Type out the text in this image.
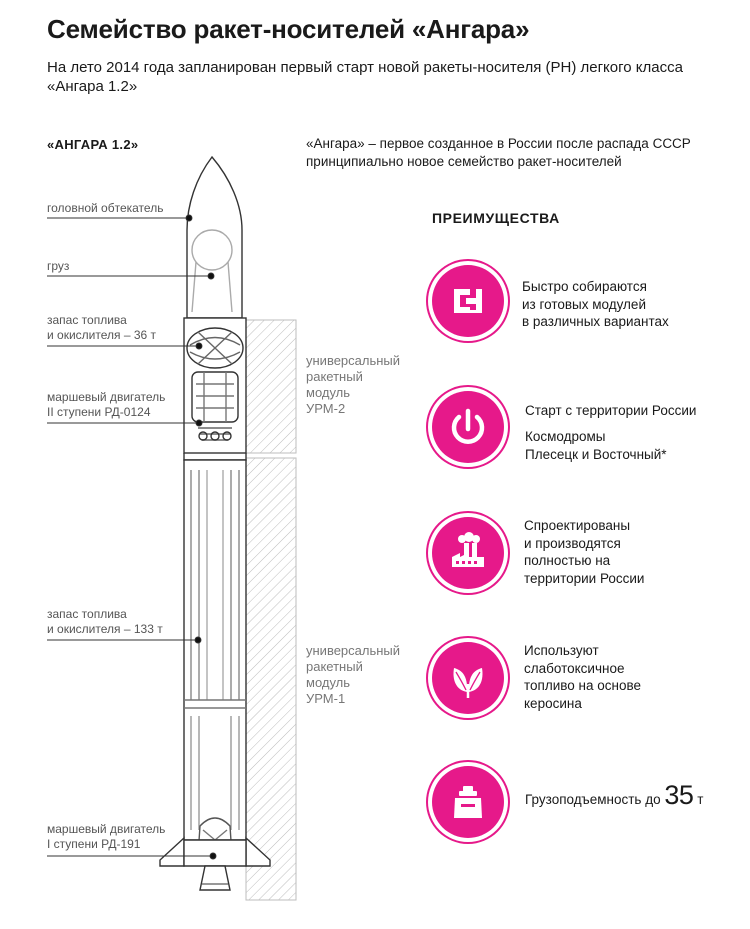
Семейство ракет-носителей «Ангара»
На лето 2014 года запланирован первый старт новой ракеты-носителя (РН) легкого класса
«Ангара 1.2»
«АНГАРА 1.2»	«Ангара» – первое созданное в России после распада СССР
принципиально новое семейство ракет-носителей
головной обтекатель
груз
запас топлива
и окислителя – 36 т
маршевый двигатель
II ступени РД-0124
запас топлива
и окислителя – 133 т
маршевый двигатель
I ступени РД-191
универсальный
ракетный
модуль
УРМ-2
универсальный
ракетный
модуль
УРМ-1
ПРЕИМУЩЕСТВА
Быстро собираются
из готовых модулей
в различных вариантах
Старт с территории России
Космодромы
Плесецк и Восточный*
Спроектированы
и производятся
полностью на
территории России
Используют
слаботоксичное
топливо на основе
керосина
Грузоподъемность до 35 т
